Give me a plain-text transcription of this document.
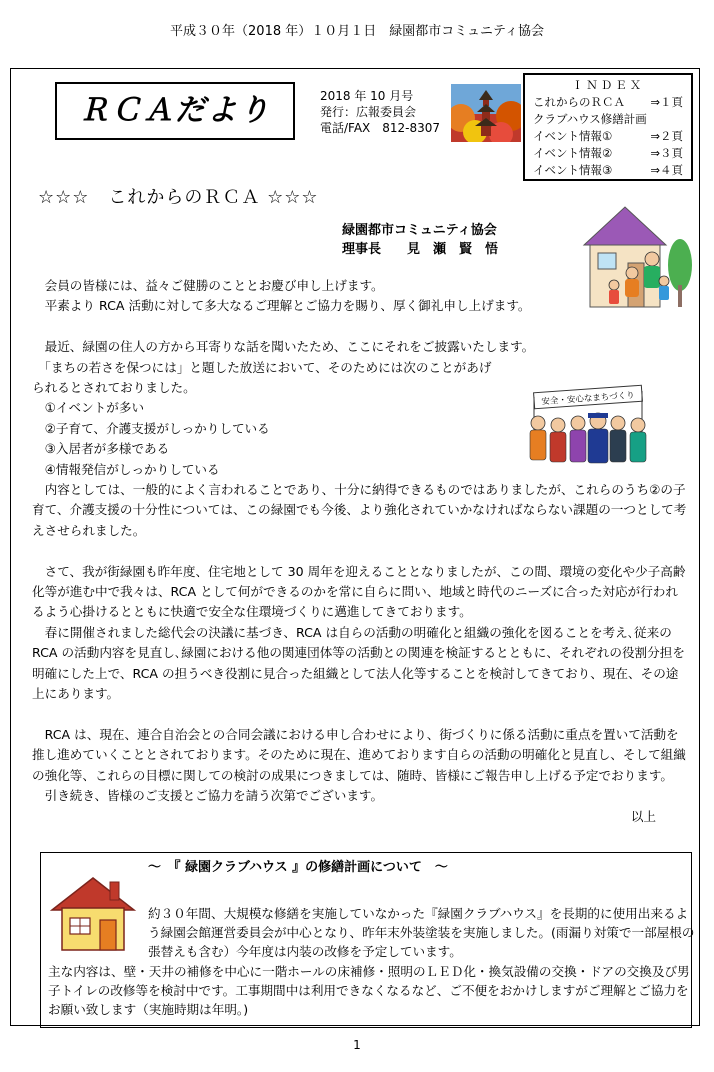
平成３０年（2018 年）１０月１日　緑園都市コミュニティ協会
ＲＣＡだより	2018 年 10 月号
発行：広報委員会
電話/FAX　812-8307
ＩＮＤＥＸ
これからのＲＣＡ ⇒１頁
クラブハウス修繕計画
イベント情報①	⇒２頁
イベント情報②	⇒３頁
イベント情報③	⇒４頁
☆☆☆　これからのＲＣＡ ☆☆☆
緑園都市コミュニティ協会
理事長　　見　瀬　賢　悟
安全・安心なまちづくり

　会員の皆様には、益々ご健勝のこととお慶び申し上げます。

　平素より RCA 活動に対して多大なるご理解とご協力を賜り、厚く御礼申し上げます。

　最近、緑園の住人の方から耳寄りな話を聞いたため、ここにそれをご披露いたします。

　「まちの若さを保つには」と題した放送において、そのためには次のことがあげられるとされておりました。

　①イベントが多い

　②子育て、介護支援がしっかりしている

　③入居者が多様である

　④情報発信がしっかりしている

　内容としては、一般的によく言われることであり、十分に納得できるものではありましたが、これらのうち②の子育て、介護支援の十分性については、この緑園でも今後、より強化されていかなければならない課題の一つとして考えさせられました。

　さて、我が街緑園も昨年度、住宅地として 30 周年を迎えることとなりましたが、この間、環境の変化や少子高齢化等が進む中で我々は、RCA として何ができるのかを常に自らに問い、地域と時代のニーズに合った対応が行われるよう心掛けるとともに快適で安全な住環境づくりに邁進してきております。

　春に開催されました総代会の決議に基づき、RCA は自らの活動の明確化と組織の強化を図ることを考え､従来の RCA の活動内容を見直し､緑園における他の関連団体等の活動との関連を検証するとともに、それぞれの役割分担を明確にした上で、RCA の担うべき役割に見合った組織として法人化等することを検討してきており、現在、その途上にあります。

　RCA は、現在、連合自治会との合同会議における申し合わせにより、街づくりに係る活動に重点を置いて活動を推し進めていくこととされております。そのために現在、進めております自らの活動の明確化と見直し、そして組織の強化等、これらの目標に関しての検討の成果につきましては、随時、皆様にご報告申し上げる予定でおります。

　引き続き、皆様のご支援とご協力を請う次第でございます。

以上

～　『 緑園クラブハウス 』の修繕計画について　～
約３０年間、大規模な修繕を実施していなかった『緑園クラブハウス』を長期的に使用出来るよう緑園会館運営委員会が中心となり、昨年末外装塗装を実施しました。(雨漏り対策で一部屋根の張替えも含む）今年度は内装の改修を予定しています。
主な内容は、壁・天井の補修を中心に一階ホールの床補修・照明のＬＥＤ化・換気設備の交換・ドアの交換及び男子トイレの改修等を検討中です。工事期間中は利用できなくなるなど、ご不便をおかけしますがご理解とご協力をお願い致します（実施時期は年明。)
1
